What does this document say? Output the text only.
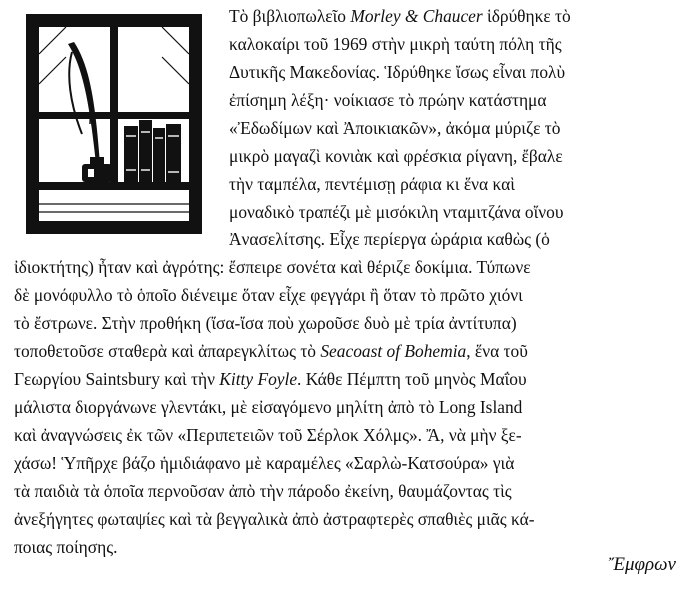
Τὸ βιβλιοπωλεῖο Morley & Chaucer ἱδρύθηκε τὸ
καλοκαίρι τοῦ 1969 στὴν μικρὴ ταύτη πόλη τῆς
Δυτικῆς Μακεδονίας. Ἱδρύθηκε ἴσως εἶναι πολὺ
ἐπίσημη λέξη· νοίκιασε τὸ πρώην κατάστημα
«Ἐδωδίμων καὶ Ἀποικιακῶν», ἀκόμα μύριζε τὸ
μικρὸ μαγαζὶ κονιὰκ καὶ φρέσκια ρίγανη, ἔβαλε
τὴν ταμπέλα, πεντέμισῃ ράφια κι ἕνα καὶ
μοναδικὸ τραπέζι μὲ μισόκιλη νταμιτζάνα οἴνου
Ἀνασελίτσης. Εἶχε περίεργα ὡράρια καθὼς (ὁ
ἰδιοκτήτης) ἦταν καὶ ἀγρότης: ἔσπειρε σονέτα καὶ θέριζε δοκίμια. Τύπωνε
δὲ μονόφυλλο τὸ ὁποῖο διένειμε ὅταν εἶχε φεγγάρι ἢ ὅταν τὸ πρῶτο χιόνι
τὸ ἔστρωνε. Στὴν προθήκη (ἴσα-ἴσα ποὺ χωροῦσε δυὸ μὲ τρία ἀντίτυπα)
τοποθετοῦσε σταθερὰ καὶ ἀπαρεγκλίτως τὸ Seacoast of Bohemia, ἕνα τοῦ
Γεωργίου Saintsbury καὶ τὴν Kitty Foyle. Κάθε Πέμπτη τοῦ μηνὸς Μαΐου
μάλιστα διοργάνωνε γλεντάκι, μὲ εἰσαγόμενο μηλίτη ἀπὸ τὸ Long Island
καὶ ἀναγνώσεις ἐκ τῶν «Περιπετειῶν τοῦ Σέρλοκ Χόλμς». Ἄ, νὰ μὴν ξε-
χάσω! Ὑπῆρχε βάζο ἡμιδιάφανο μὲ καραμέλες «Σαρλὼ-Κατσούρα» γιὰ
τὰ παιδιὰ τὰ ὁποῖα περνοῦσαν ἀπὸ τὴν πάροδο ἐκείνη, θαυμάζοντας τὶς
ἀνεξήγητες φωταψίες καὶ τὰ βεγγαλικὰ ἀπὸ ἀστραφτερὲς σπαθιὲς μιᾶς κά-
ποιας ποίησης.
Ἔμφρων
